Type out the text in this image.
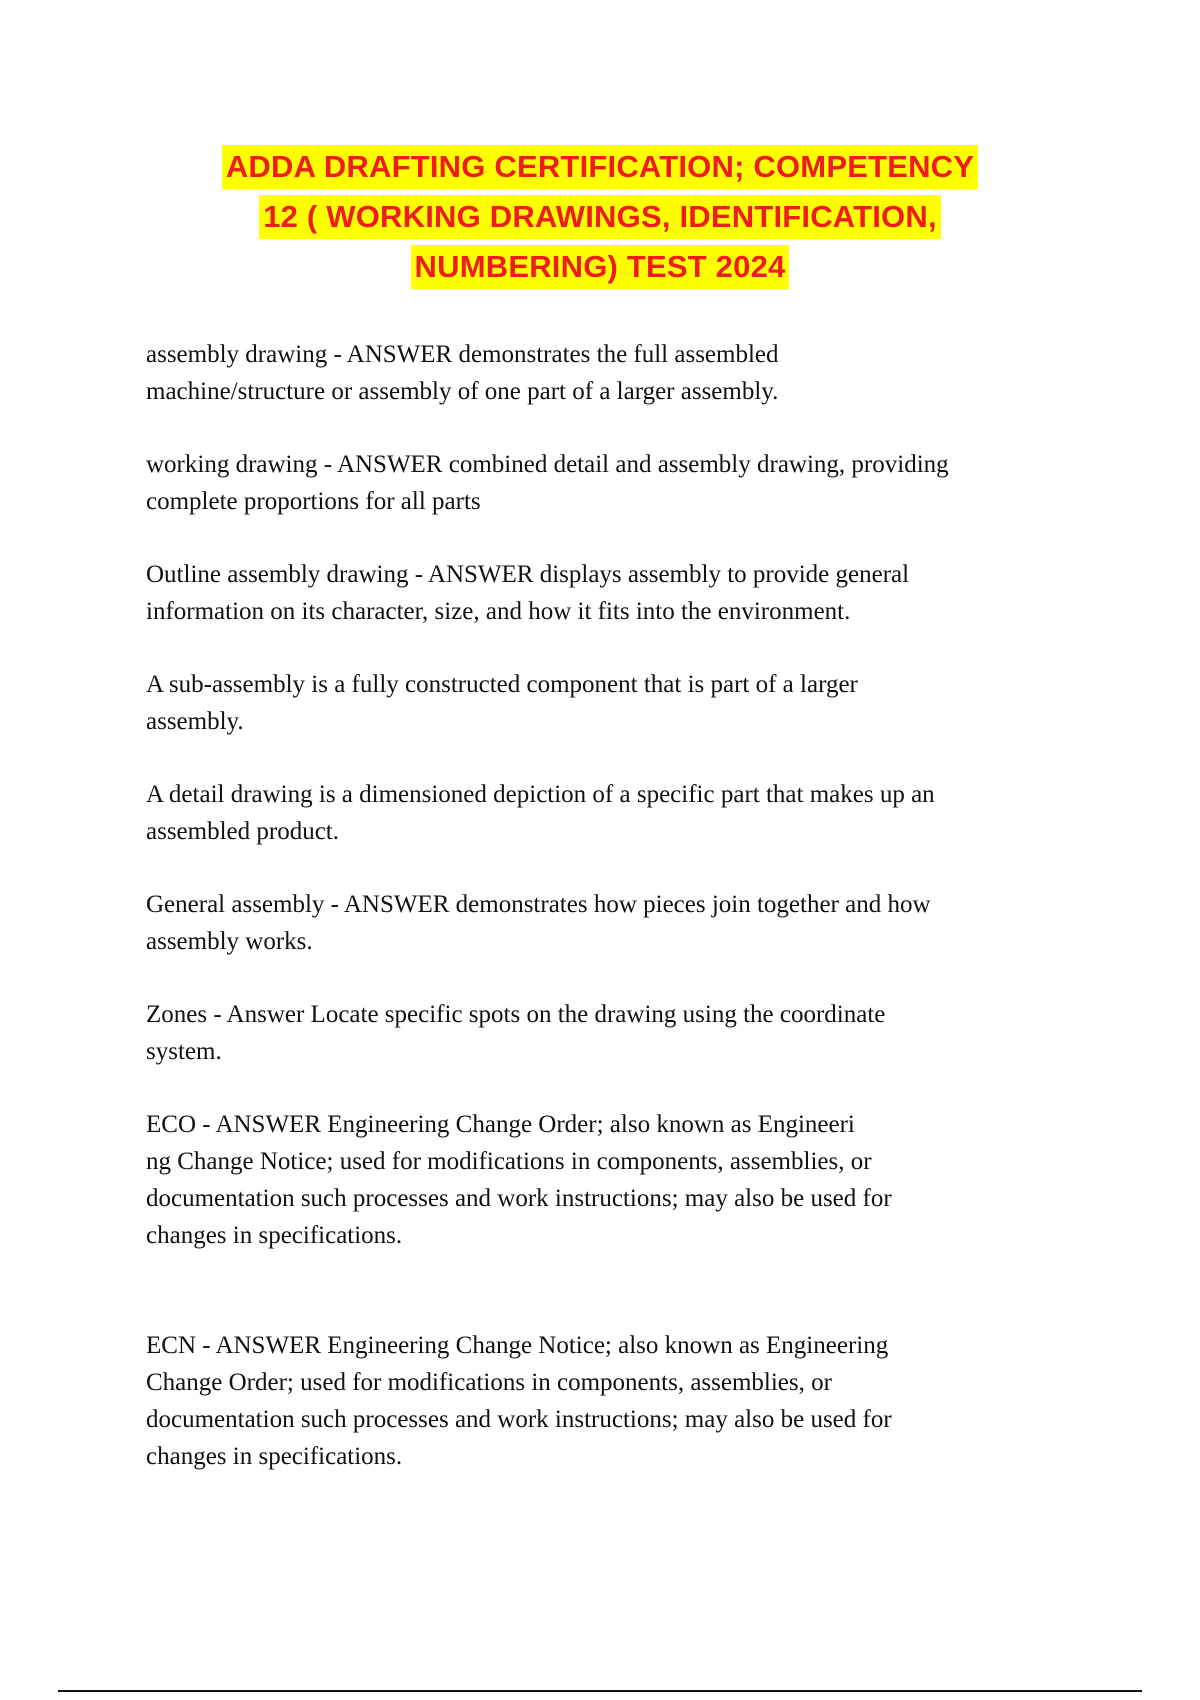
ADDA DRAFTING CERTIFICATION; COMPETENCY
12 ( WORKING DRAWINGS, IDENTIFICATION,
NUMBERING) TEST 2024
assembly drawing - ANSWER demonstrates the full assembled
machine/structure or assembly of one part of a larger assembly.
working drawing - ANSWER combined detail and assembly drawing, providing
complete proportions for all parts
Outline assembly drawing - ANSWER displays assembly to provide general
information on its character, size, and how it fits into the environment.
A sub-assembly is a fully constructed component that is part of a larger
assembly.
A detail drawing is a dimensioned depiction of a specific part that makes up an
assembled product.
General assembly - ANSWER demonstrates how pieces join together and how
assembly works.
Zones - Answer Locate specific spots on the drawing using the coordinate
system.
ECO - ANSWER Engineering Change Order; also known as Engineeri
ng Change Notice; used for modifications in components, assemblies, or
documentation such processes and work instructions; may also be used for
changes in specifications.
ECN - ANSWER Engineering Change Notice; also known as Engineering
Change Order; used for modifications in components, assemblies, or
documentation such processes and work instructions; may also be used for
changes in specifications.
